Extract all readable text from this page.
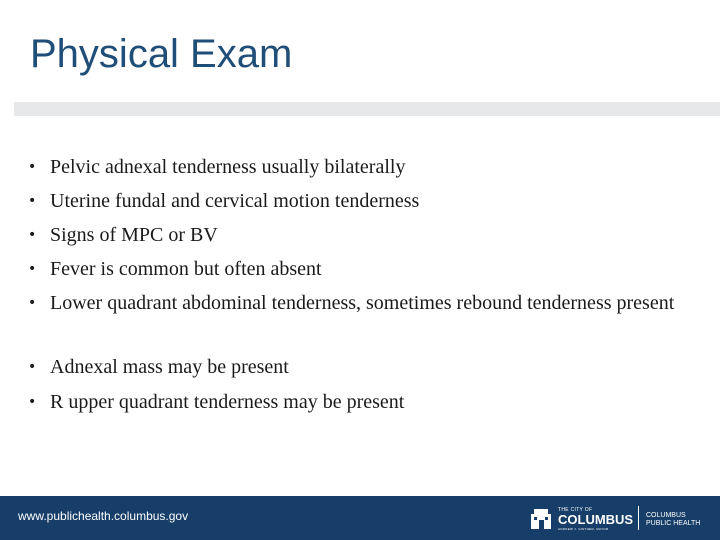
Physical Exam
• Pelvic adnexal tenderness usually bilaterally
• Uterine fundal and cervical motion tenderness
• Signs of MPC or BV
• Fever is common but often absent
• Lower quadrant abdominal tenderness, sometimes rebound tenderness present
• Adnexal mass may be present
• R upper quadrant tenderness may be present
www.publichealth.columbus.gov	THE CITY OF
COLUMBUS
ANDREW J. GINTHER, MAYOR
COLUMBUS
PUBLIC HEALTH
